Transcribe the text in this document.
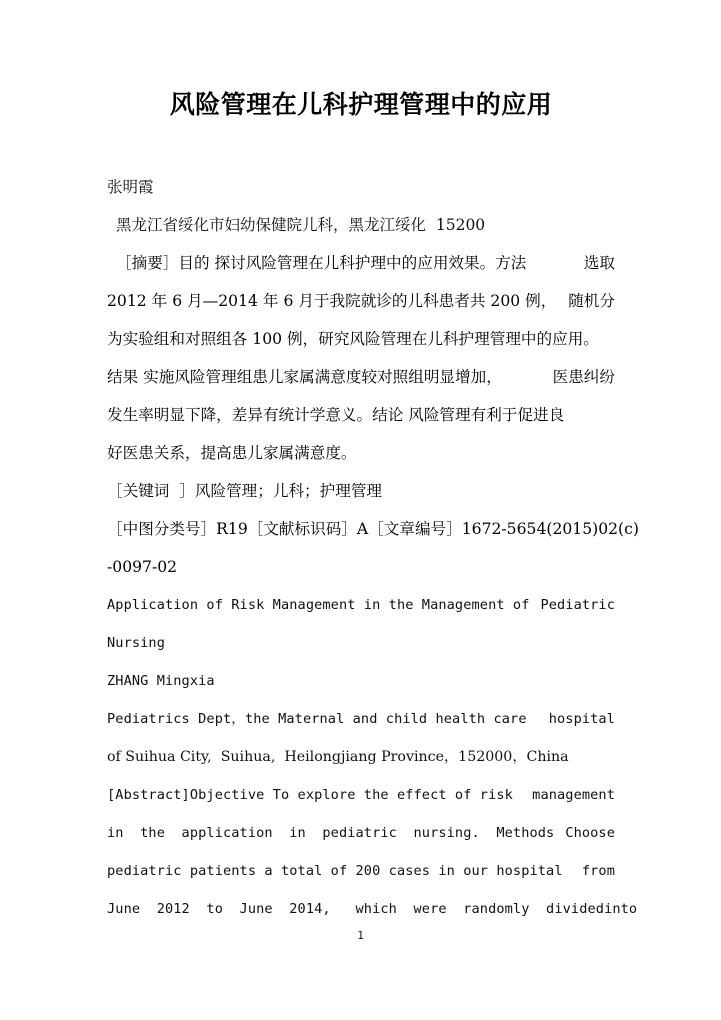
风险管理在儿科护理管理中的应用
张明霞
黑龙江省绥化市妇幼保健院儿科，黑龙江绥化  15200
［摘要］目的 探讨风险管理在儿科护理中的应用效果。方法	选取
2012 年 6 月—2014 年 6 月于我院就诊的儿科患者共 200 例， 随机分
为实验组和对照组各 100 例，研究风险管理在儿科护理管理中的应用。
结果 实施风险管理组患儿家属满意度较对照组明显增加，	医患纠纷
发生率明显下降，差异有统计学意义。结论 风险管理有利于促进良
好医患关系，提高患儿家属满意度。
［关键词  ］风险管理；儿科；护理管理
［中图分类号］R19［文献标识码］A［文章编号］1672-5654(2015)02(c)
-0097-02
Application of Risk Management in the Management of Pediatric
Nursing
ZHANG Mingxia
Pediatrics Dept，the Maternal and child health care hospital
of Suihua City,  Suihua,  Heilongjiang Province，152000，China
[Abstract]Objective To explore the effect of risk management
in  the  application  in  pediatric  nursing.  Methods Choose
pediatric patients a total of 200 cases in our hospital from
June  2012  to  June  2014,   which  were  randomly  divided into
1
